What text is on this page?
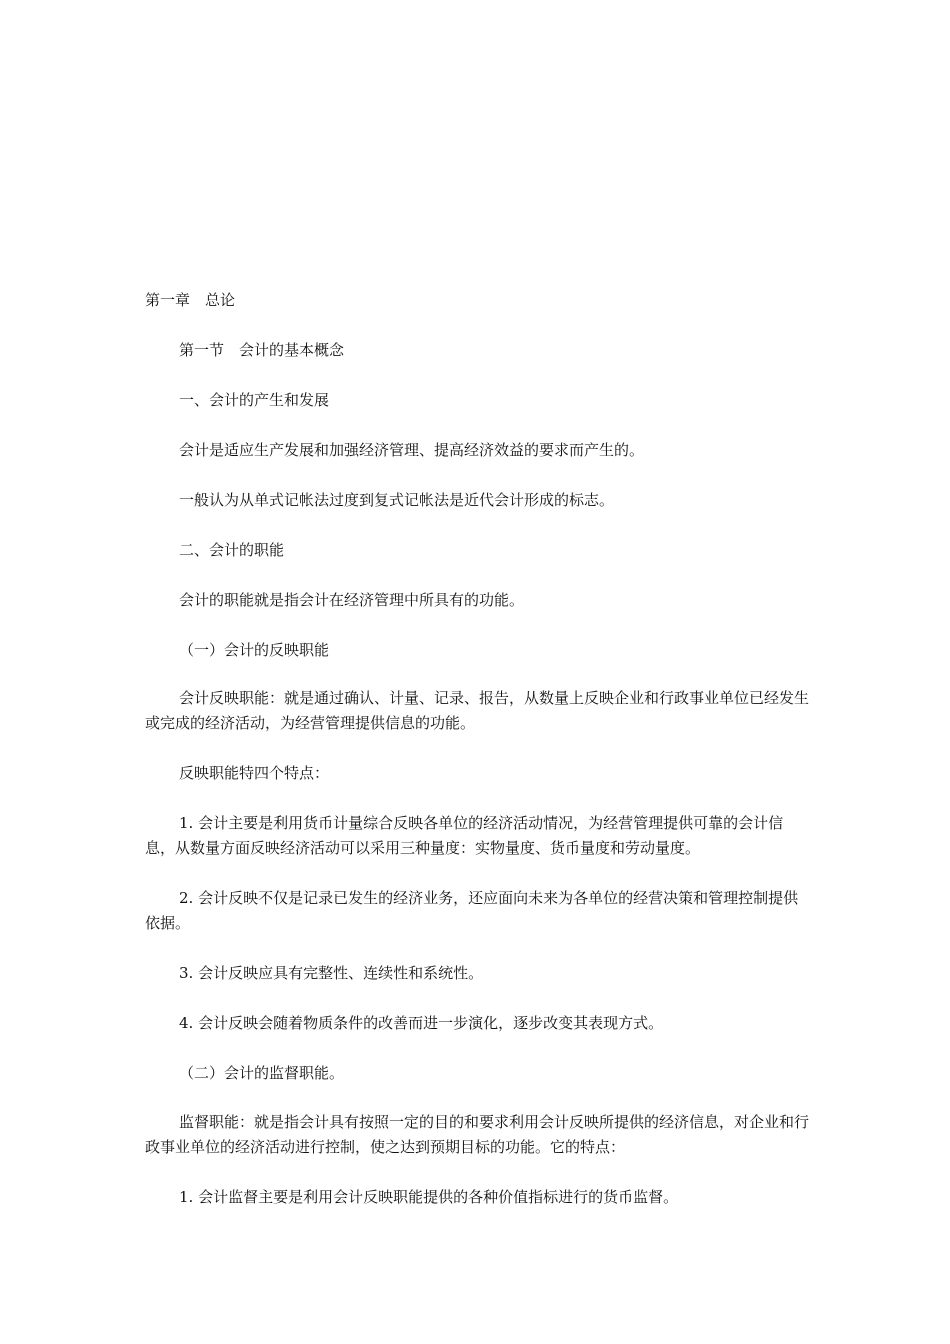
第一章　总论

第一节　会计的基本概念

一、会计的产生和发展

会计是适应生产发展和加强经济管理、提高经济效益的要求而产生的。

一般认为从单式记帐法过度到复式记帐法是近代会计形成的标志。

二、会计的职能

会计的职能就是指会计在经济管理中所具有的功能。

（一）会计的反映职能

会计反映职能：就是通过确认、计量、记录、报告，从数量上反映企业和行政事业单位已经发生或完成的经济活动，为经营管理提供信息的功能。

反映职能特四个特点：

1. 会计主要是利用货币计量综合反映各单位的经济活动情况，为经营管理提供可靠的会计信息，从数量方面反映经济活动可以采用三种量度：实物量度、货币量度和劳动量度。

2. 会计反映不仅是记录已发生的经济业务，还应面向未来为各单位的经营决策和管理控制提供依据。

3. 会计反映应具有完整性、连续性和系统性。

4. 会计反映会随着物质条件的改善而进一步演化，逐步改变其表现方式。

（二）会计的监督职能。

监督职能：就是指会计具有按照一定的目的和要求利用会计反映所提供的经济信息，对企业和行政事业单位的经济活动进行控制，使之达到预期目标的功能。它的特点：

1. 会计监督主要是利用会计反映职能提供的各种价值指标进行的货币监督。
